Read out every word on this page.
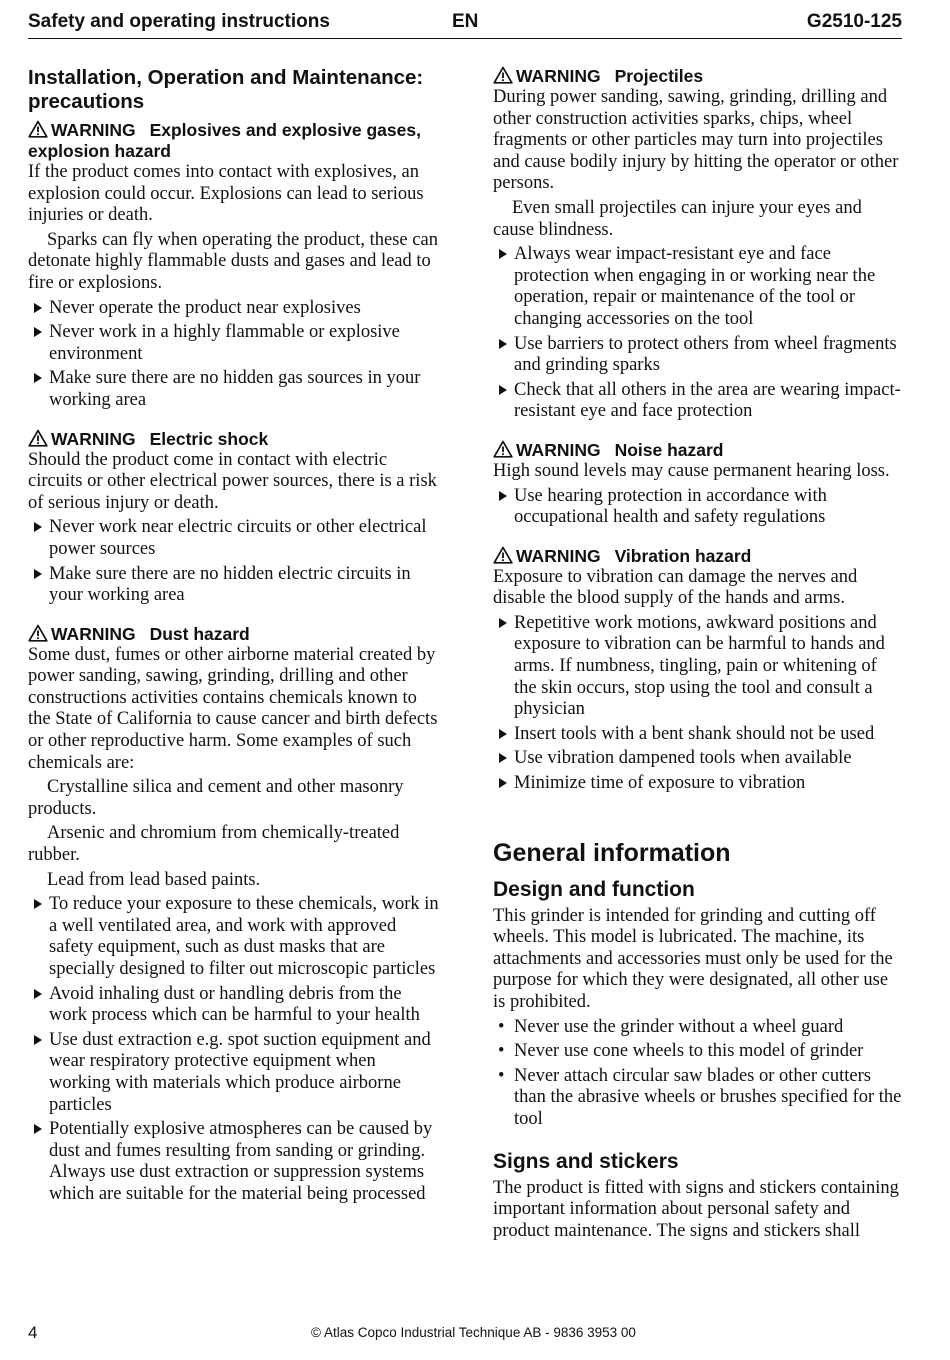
Safety and operating instructions	EN	G2510-125
Installation, Operation and Maintenance: precautions
WARNING Explosives and explosive gases, explosion hazard

If the product comes into contact with explosives, an explosion could occur. Explosions can lead to serious injuries or death.

Sparks can fly when operating the product, these can detonate highly flammable dusts and gases and lead to fire or explosions.

Never operate the product near explosives
Never work in a highly flammable or explosive environment
Make sure there are no hidden gas sources in your working area
WARNING Electric shock

Should the product come in contact with electric circuits or other electrical power sources, there is a risk of serious injury or death.

Never work near electric circuits or other electrical power sources
Make sure there are no hidden electric circuits in your working area
WARNING Dust hazard

Some dust, fumes or other airborne material created by power sanding, sawing, grinding, drilling and other constructions activities contains chemicals known to the State of California to cause cancer and birth defects or other reproductive harm. Some examples of such chemicals are:

Crystalline silica and cement and other masonry products.

Arsenic and chromium from chemically-treated rubber.

Lead from lead based paints.

To reduce your exposure to these chemicals, work in a well ventilated area, and work with approved safety equipment, such as dust masks that are specially designed to filter out microscopic particles
Avoid inhaling dust or handling debris from the work process which can be harmful to your health
Use dust extraction e.g. spot suction equipment and wear respiratory protective equipment when working with materials which produce airborne particles
Potentially explosive atmospheres can be caused by dust and fumes resulting from sanding or grinding. Always use dust extraction or suppression systems which are suitable for the material being processed
WARNING Projectiles

During power sanding, sawing, grinding, drilling and other construction activities sparks, chips, wheel fragments or other particles may turn into projectiles and cause bodily injury by hitting the operator or other persons.

Even small projectiles can injure your eyes and cause blindness.

Always wear impact-resistant eye and face protection when engaging in or working near the operation, repair or maintenance of the tool or changing accessories on the tool
Use barriers to protect others from wheel fragments and grinding sparks
Check that all others in the area are wearing impact-resistant eye and face protection
WARNING Noise hazard

High sound levels may cause permanent hearing loss.

Use hearing protection in accordance with occupational health and safety regulations
WARNING Vibration hazard

Exposure to vibration can damage the nerves and disable the blood supply of the hands and arms.

Repetitive work motions, awkward positions and exposure to vibration can be harmful to hands and arms. If numbness, tingling, pain or whitening of the skin occurs, stop using the tool and consult a physician
Insert tools with a bent shank should not be used
Use vibration dampened tools when available
Minimize time of exposure to vibration
General information
Design and function

This grinder is intended for grinding and cutting off wheels. This model is lubricated. The machine, its attachments and accessories must only be used for the purpose for which they were designated, all other use is prohibited.

• Never use the grinder without a wheel guard
• Never use cone wheels to this model of grinder
• Never attach circular saw blades or other cutters than the abrasive wheels or brushes specified for the tool
Signs and stickers

The product is fitted with signs and stickers containing important information about personal safety and product maintenance. The signs and stickers shall

4	© Atlas Copco Industrial Technique AB - 9836 3953 00
